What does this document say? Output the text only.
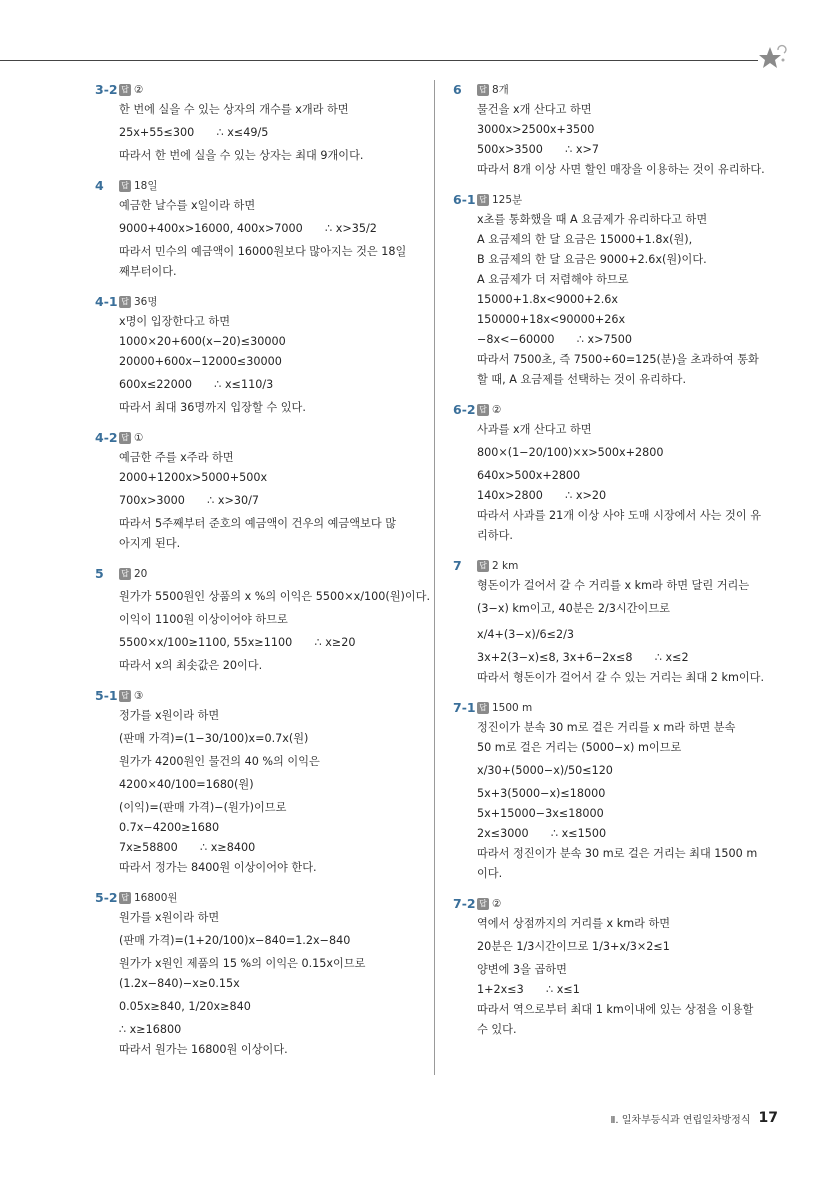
3-2 답 ②
한 번에 실을 수 있는 상자의 개수를 x개라 하면
25x+55≤300　　∴ x≤49/5
따라서 한 번에 실을 수 있는 상자는 최대 9개이다.
4	답 18일
예금한 날수를 x일이라 하면
9000+400x>16000, 400x>7000　　∴ x>35/2
따라서 민수의 예금액이 16000원보다 많아지는 것은 18일
째부터이다.
4-1 답 36명
x명이 입장한다고 하면
1000×20+600(x−20)≤30000
20000+600x−12000≤30000
600x≤22000　　∴ x≤110/3
따라서 최대 36명까지 입장할 수 있다.
4-2 답 ①
예금한 주를 x주라 하면
2000+1200x>5000+500x
700x>3000　　∴ x>30/7
따라서 5주째부터 준호의 예금액이 건우의 예금액보다 많
아지게 된다.
5	답 20
원가가 5500원인 상품의 x %의 이익은 5500×x/100(원)이다.
이익이 1100원 이상이어야 하므로
5500×x/100≥1100, 55x≥1100　　∴ x≥20
따라서 x의 최솟값은 20이다.
5-1 답 ③
정가를 x원이라 하면
(판매 가격)=(1−30/100)x=0.7x(원)
원가가 4200원인 물건의 40 %의 이익은
4200×40/100=1680(원)
(이익)=(판매 가격)−(원가)이므로
0.7x−4200≥1680
7x≥58800　　∴ x≥8400
따라서 정가는 8400원 이상이어야 한다.
5-2 답 16800원
원가를 x원이라 하면
(판매 가격)=(1+20/100)x−840=1.2x−840
원가가 x원인 제품의 15 %의 이익은 0.15x이므로
(1.2x−840)−x≥0.15x
0.05x≥840, 1/20x≥840
∴ x≥16800
따라서 원가는 16800원 이상이다.
6	답 8개
물건을 x개 산다고 하면
3000x>2500x+3500
500x>3500　　∴ x>7
따라서 8개 이상 사면 할인 매장을 이용하는 것이 유리하다.
6-1 답 125분
x초를 통화했을 때 A 요금제가 유리하다고 하면
A 요금제의 한 달 요금은 15000+1.8x(원),
B 요금제의 한 달 요금은 9000+2.6x(원)이다.
A 요금제가 더 저렴해야 하므로
15000+1.8x<9000+2.6x
150000+18x<90000+26x
−8x<−60000　　∴ x>7500
따라서 7500초, 즉 7500÷60=125(분)을 초과하여 통화
할 때, A 요금제를 선택하는 것이 유리하다.
6-2 답 ②
사과를 x개 산다고 하면
800×(1−20/100)×x>500x+2800
640x>500x+2800
140x>2800　　∴ x>20
따라서 사과를 21개 이상 사야 도매 시장에서 사는 것이 유
리하다.
7	답 2 km
형돈이가 걸어서 갈 수 거리를 x km라 하면 달린 거리는
(3−x) km이고, 40분은 2/3시간이므로
x/4+(3−x)/6≤2/3
3x+2(3−x)≤8, 3x+6−2x≤8　　∴ x≤2
따라서 형돈이가 걸어서 갈 수 있는 거리는 최대 2 km이다.
7-1 답 1500 m
정진이가 분속 30 m로 걸은 거리를 x m라 하면 분속
50 m로 걸은 거리는 (5000−x) m이므로
x/30+(5000−x)/50≤120
5x+3(5000−x)≤18000
5x+15000−3x≤18000
2x≤3000　　∴ x≤1500
따라서 정진이가 분속 30 m로 걸은 거리는 최대 1500 m
이다.
7-2 답 ②
역에서 상점까지의 거리를 x km라 하면
20분은 1/3시간이므로 1/3+x/3×2≤1
양변에 3을 곱하면
1+2x≤3　　∴ x≤1
따라서 역으로부터 최대 1 km이내에 있는 상점을 이용할
수 있다.
Ⅱ. 일차부등식과 연립일차방정식 17
